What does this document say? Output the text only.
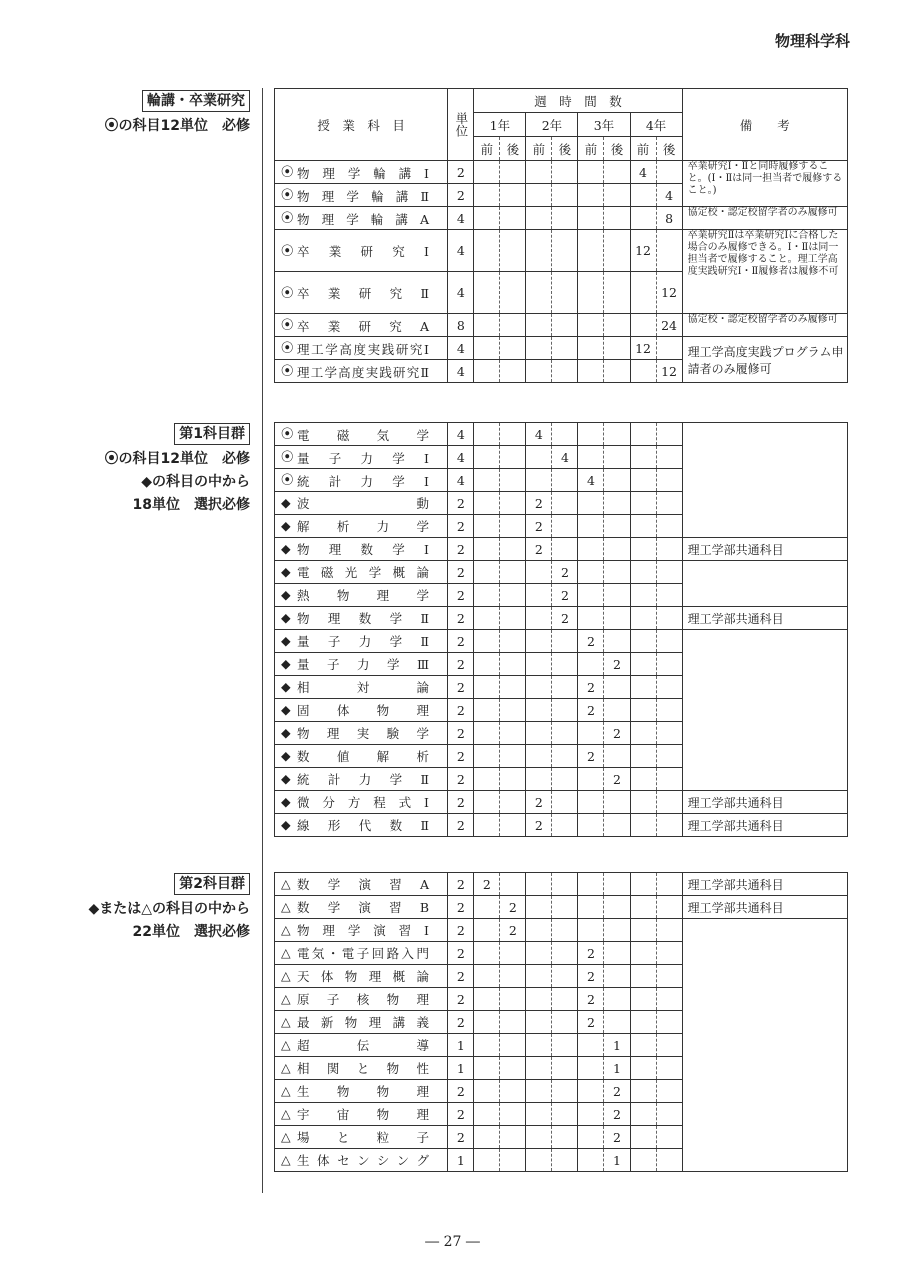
物理科学科
輪講・卒業研究
⦿の科目12単位　必修
第1科目群
⦿の科目12単位　必修
◆の科目の中から
18単位　選択必修
第2科目群
◆または△の科目の中から
22単位　選択必修
授　業　科　目	単位	週　時　間　数								備　　考
		1年		2年		3年		4年		
		前	後	前	後	前	後	前	後	
⦿ 物理学輪講Ⅰ	2							4		卒業研究Ⅰ・Ⅱと同時履修すること。(Ⅰ・Ⅱは同一担当者で履修すること。)
⦿ 物理学輪講Ⅱ	2								4	
⦿ 物理学輪講A	4								8	協定校・認定校留学者のみ履修可
⦿ 卒業研究Ⅰ	4							12		卒業研究Ⅱは卒業研究Ⅰに合格した場合のみ履修できる。Ⅰ・Ⅱは同一担当者で履修すること。理工学高度実践研究Ⅰ・Ⅱ履修者は履修不可
⦿ 卒業研究Ⅱ	4								12	
⦿ 卒業研究A	8								24	協定校・認定校留学者のみ履修可
⦿ 理工学高度実践研究Ⅰ	4							12		理工学高度実践プログラム申請者のみ履修可
⦿ 理工学高度実践研究Ⅱ	4								12	
⦿ 電磁気学	4			4						
⦿ 量子力学Ⅰ	4				4					
⦿ 統計力学Ⅰ	4					4				
◆ 波動	2			2						
◆ 解析力学	2			2						
◆ 物理数学Ⅰ	2			2						理工学部共通科目
◆ 電磁光学概論	2				2					
◆ 熱物理学	2				2					
◆ 物理数学Ⅱ	2				2					理工学部共通科目
◆ 量子力学Ⅱ	2					2				
◆ 量子力学Ⅲ	2						2			
◆ 相対論	2					2				
◆ 固体物理	2					2				
◆ 物理実験学	2						2			
◆ 数値解析	2					2				
◆ 統計力学Ⅱ	2						2			
◆ 微分方程式Ⅰ	2			2						理工学部共通科目
◆ 線形代数Ⅱ	2			2						理工学部共通科目
△ 数学演習A	2	2								理工学部共通科目
△ 数学演習B	2		2							理工学部共通科目
△ 物理学演習Ⅰ	2		2							
△ 電気・電子回路入門	2					2				
△ 天体物理概論	2					2				
△ 原子核物理	2					2				
△ 最新物理講義	2					2				
△ 超伝導	1						1			
△ 相関と物性	1						1			
△ 生物物理	2						2			
△ 宇宙物理	2						2			
△ 場と粒子	2						2			
△ 生体センシング	1						1			
― 27 ―
